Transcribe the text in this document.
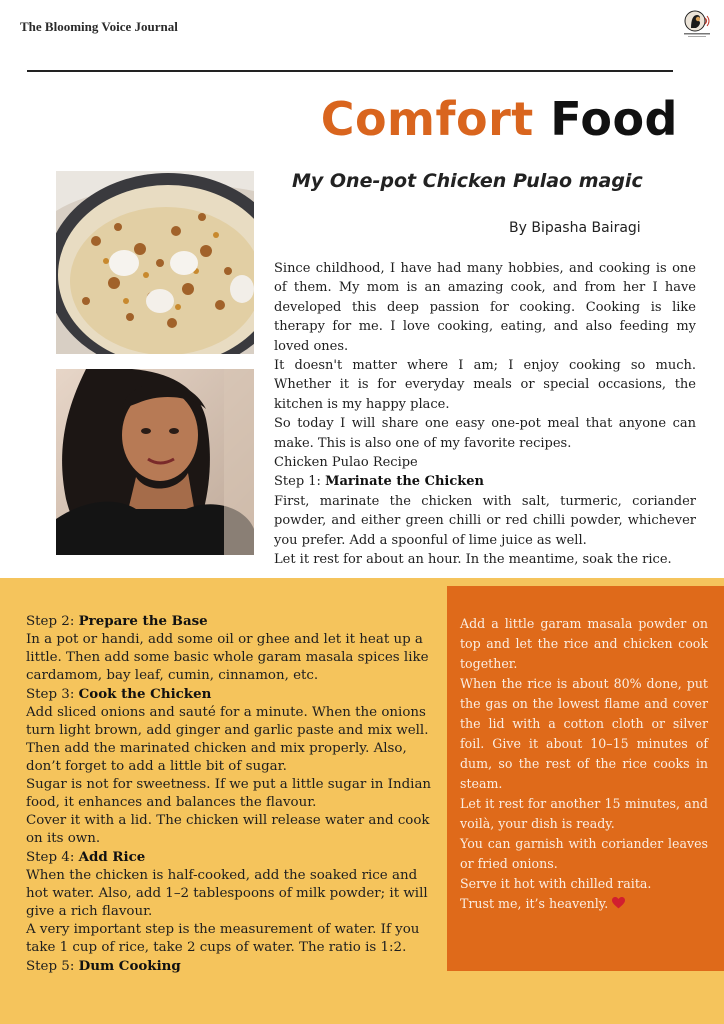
The Blooming Voice Journal
Comfort Food
My One-pot Chicken Pulao magic
By Bipasha Bairagi

Since childhood, I have had many hobbies, and cooking is one of them. My mom is an amazing cook, and from her I have developed this deep passion for cooking. Cooking is like therapy for me. I love cooking, eating, and also feeding my loved ones.

It doesn't matter where I am; I enjoy cooking so much. Whether it is for everyday meals or special occasions, the kitchen is my happy place.

So today I will share one easy one-pot meal that anyone can make. This is also one of my favorite recipes.

Chicken Pulao Recipe

Step 1: Marinate the Chicken

First, marinate the chicken with salt, turmeric, coriander powder, and either green chilli or red chilli powder, whichever you prefer. Add a spoonful of lime juice as well.

Let it rest for about an hour. In the meantime, soak the rice.

Step 2: Prepare the Base

In a pot or handi, add some oil or ghee and let it heat up a little. Then add some basic whole garam masala spices like cardamom, bay leaf, cumin, cinnamon, etc.

Step 3: Cook the Chicken

Add sliced onions and sauté for a minute. When the onions turn light brown, add ginger and garlic paste and mix well. Then add the marinated chicken and mix properly. Also, don’t forget to add a little bit of sugar.

Sugar is not for sweetness. If we put a little sugar in Indian food, it enhances and balances the flavour.

Cover it with a lid. The chicken will release water and cook on its own.

Step 4: Add Rice

When the chicken is half-cooked, add the soaked rice and hot water. Also, add 1–2 tablespoons of milk powder; it will give a rich flavour.

A very important step is the measurement of water. If you take 1 cup of rice, take 2 cups of water. The ratio is 1:2.

Step 5: Dum Cooking

Add a little garam masala powder on top and let the rice and chicken cook together.

When the rice is about 80% done, put the gas on the lowest flame and cover the lid with a cotton cloth or silver foil. Give it about 10–15 minutes of dum, so the rest of the rice cooks in steam.

Let it rest for another 15 minutes, and voilà, your dish is ready.

You can garnish with coriander leaves or fried onions.

Serve it hot with chilled raita.

Trust me, it’s heavenly.
